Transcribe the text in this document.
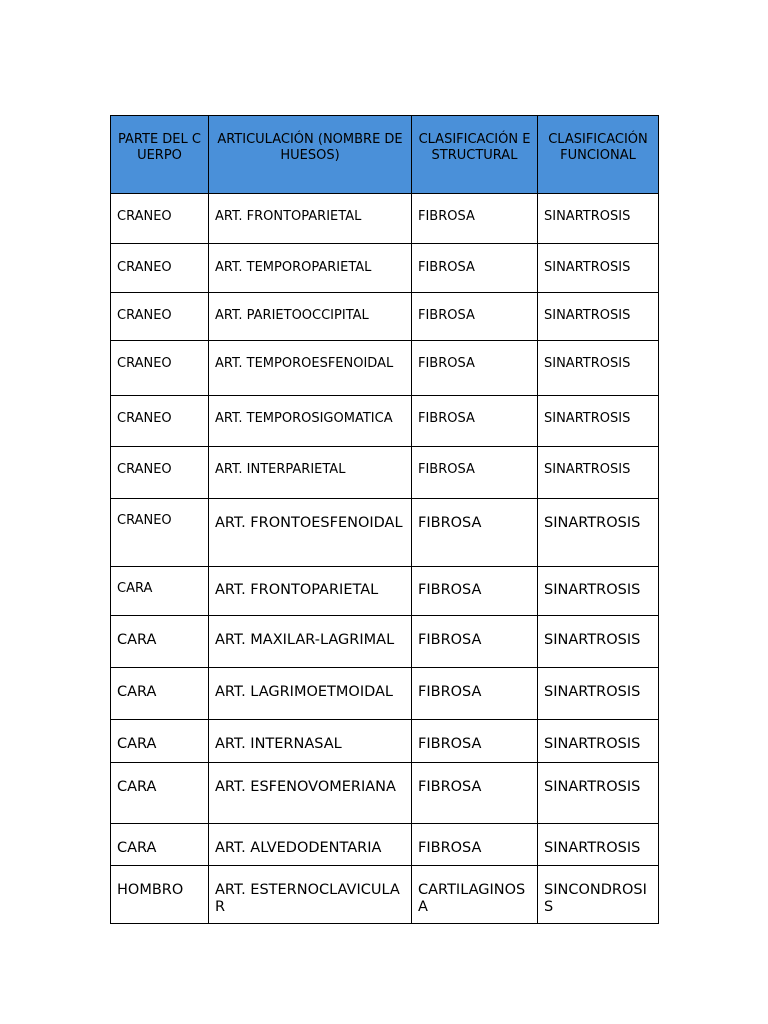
PARTE DEL CUERPO	ARTICULACIÓN (NOMBRE DE HUESOS)	CLASIFICACIÓN ESTRUCTURAL	CLASIFICACIÓN FUNCIONAL
CRANEO	ART. FRONTOPARIETAL	FIBROSA	SINARTROSIS
CRANEO	ART. TEMPOROPARIETAL	FIBROSA	SINARTROSIS
CRANEO	ART. PARIETOOCCIPITAL	FIBROSA	SINARTROSIS
CRANEO	ART. TEMPOROESFENOIDAL	FIBROSA	SINARTROSIS
CRANEO	ART. TEMPOROSIGOMATICA	FIBROSA	SINARTROSIS
CRANEO	ART. INTERPARIETAL	FIBROSA	SINARTROSIS
CRANEO	ART. FRONTOESFENOIDAL	FIBROSA	SINARTROSIS
CARA	ART. FRONTOPARIETAL	FIBROSA	SINARTROSIS
CARA	ART. MAXILAR-LAGRIMAL	FIBROSA	SINARTROSIS
CARA	ART. LAGRIMOETMOIDAL	FIBROSA	SINARTROSIS
CARA	ART. INTERNASAL	FIBROSA	SINARTROSIS
CARA	ART. ESFENOVOMERIANA	FIBROSA	SINARTROSIS
CARA	ART. ALVEDODENTARIA	FIBROSA	SINARTROSIS
HOMBRO	ART. ESTERNOCLAVICULAR	CARTILAGINOSA	SINCONDROSIS
